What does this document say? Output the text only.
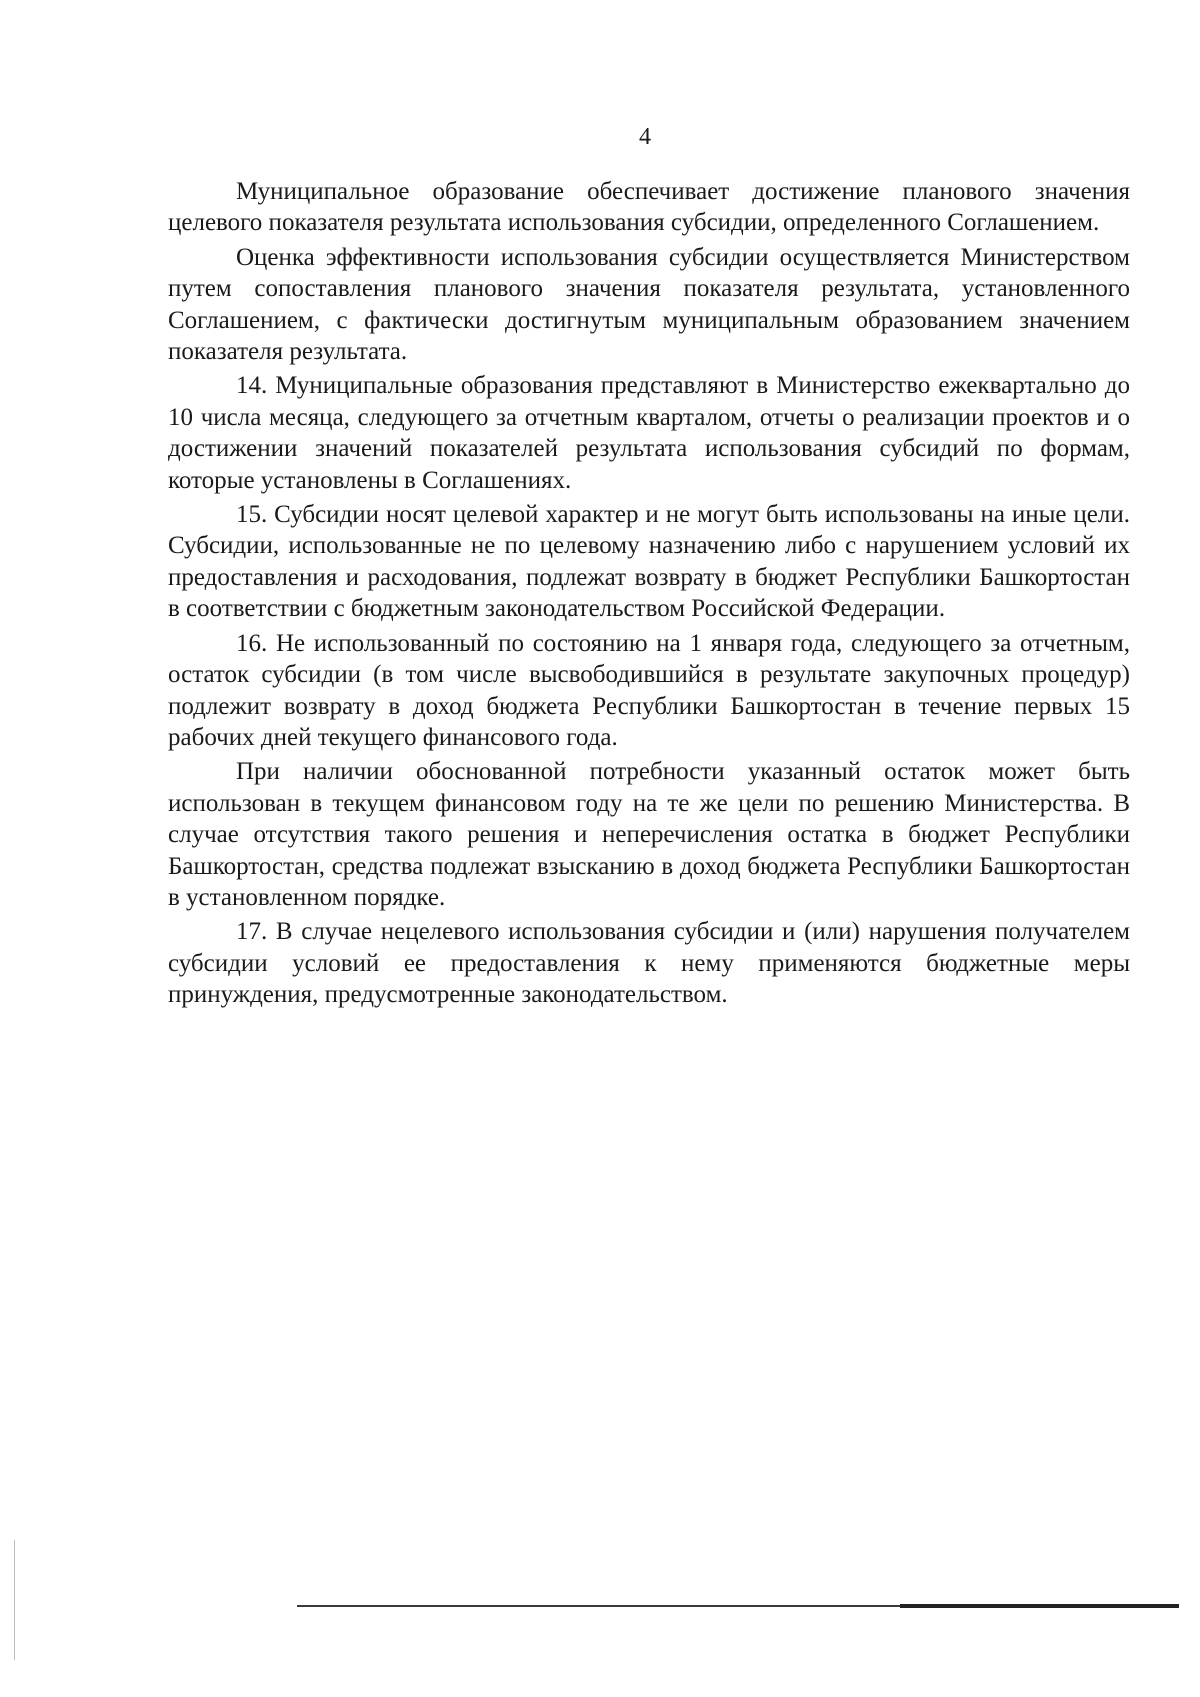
4

Муниципальное образование обеспечивает достижение планового значения целевого показателя результата использования субсидии, определенного Соглашением.

Оценка эффективности использования субсидии осуществляется Министерством путем сопоставления планового значения показателя результата, установленного Соглашением, с фактически достигнутым муниципальным образованием значением показателя результата.

14. Муниципальные образования представляют в Министерство ежеквартально до 10 числа месяца, следующего за отчетным кварталом, отчеты о реализации проектов и о достижении значений показателей результата использования субсидий по формам, которые установлены в Соглашениях.

15. Субсидии носят целевой характер и не могут быть использованы на иные цели. Субсидии, использованные не по целевому назначению либо с нарушением условий их предоставления и расходования, подлежат возврату в бюджет Республики Башкортостан в соответствии с бюджетным законодательством Российской Федерации.

16. Не использованный по состоянию на 1 января года, следующего за отчетным, остаток субсидии (в том числе высвободившийся в результате закупочных процедур) подлежит возврату в доход бюджета Республики Башкортостан в течение первых 15 рабочих дней текущего финансового года.

При наличии обоснованной потребности указанный остаток может быть использован в текущем финансовом году на те же цели по решению Министерства. В случае отсутствия такого решения и неперечисления остатка в бюджет Республики Башкортостан, средства подлежат взысканию в доход бюджета Республики Башкортостан в установленном порядке.

17. В случае нецелевого использования субсидии и (или) нарушения получателем субсидии условий ее предоставления к нему применяются бюджетные меры принуждения, предусмотренные законодательством.
